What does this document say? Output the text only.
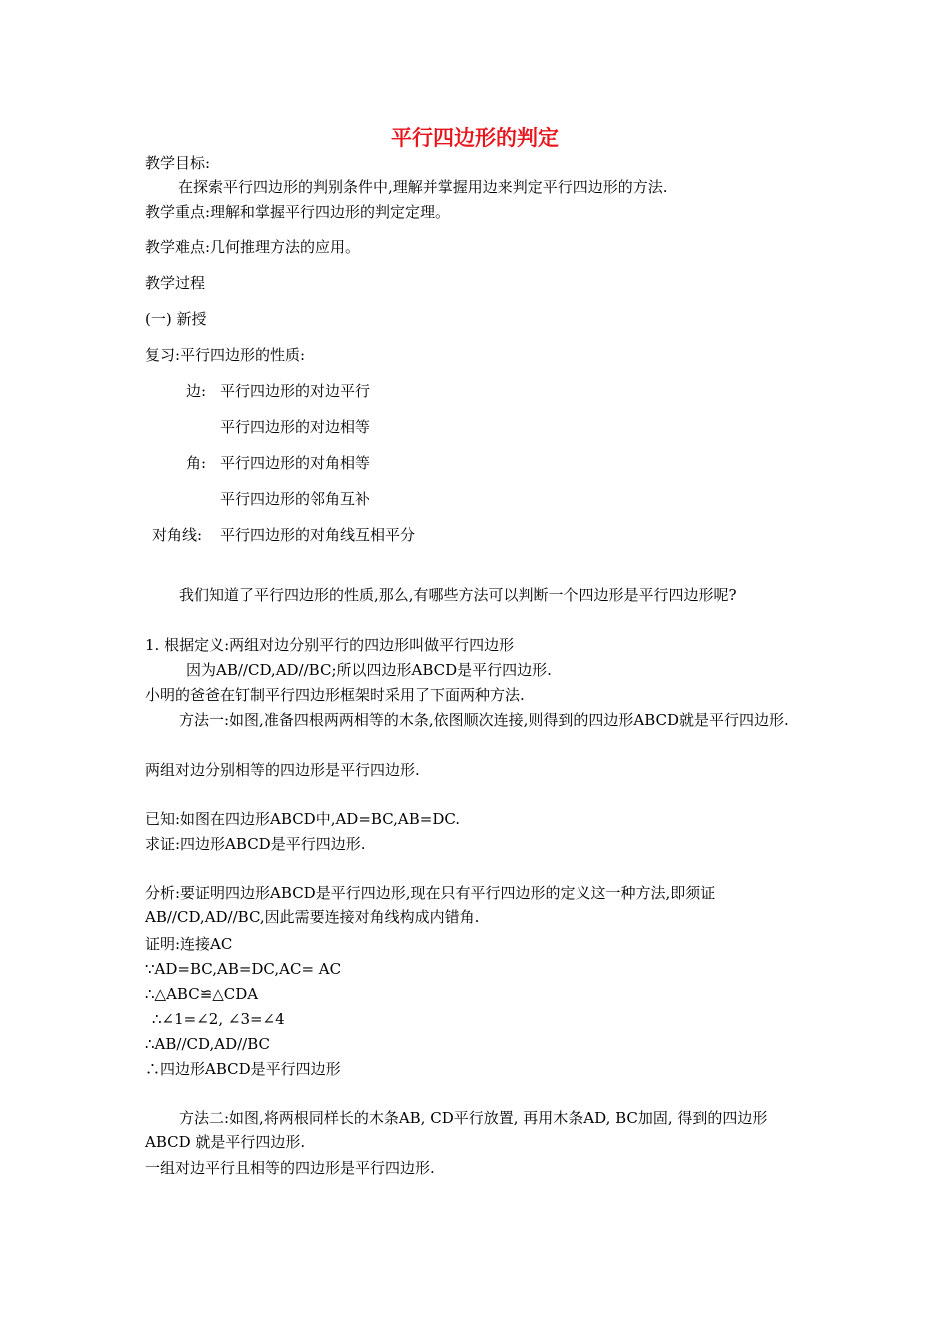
平行四边形的判定
教学目标:
在探索平行四边形的判别条件中,理解并掌握用边来判定平行四边形的方法.
教学重点:理解和掌握平行四边形的判定定理。
教学难点:几何推理方法的应用。
教学过程
(一) 新授
复习:平行四边形的性质:
边: 平行四边形的对边平行
平行四边形的对边相等
角: 平行四边形的对角相等
平行四边形的邻角互补
对角线: 平行四边形的对角线互相平分
我们知道了平行四边形的性质,那么,有哪些方法可以判断一个四边形是平行四边形呢?
1. 根据定义:两组对边分别平行的四边形叫做平行四边形
因为AB//CD,AD//BC;所以四边形ABCD是平行四边形.
小明的爸爸在钉制平行四边形框架时采用了下面两种方法.
方法一:如图,准备四根两两相等的木条,依图顺次连接,则得到的四边形ABCD就是平行四边形.
两组对边分别相等的四边形是平行四边形.
已知:如图在四边形ABCD中,AD=BC,AB=DC.
求证:四边形ABCD是平行四边形.
分析:要证明四边形ABCD是平行四边形,现在只有平行四边形的定义这一种方法,即须证AB//CD,AD//BC,因此需要连接对角线构成内错角.
证明:连接AC
∵AD=BC,AB=DC,AC= AC
∴△ABC≌△CDA
∴∠1=∠2, ∠3=∠4
∴AB//CD,AD//BC
∴四边形ABCD是平行四边形
方法二:如图,将两根同样长的木条AB, CD平行放置, 再用木条AD, BC加固, 得到的四边形ABCD 就是平行四边形.
一组对边平行且相等的四边形是平行四边形.
